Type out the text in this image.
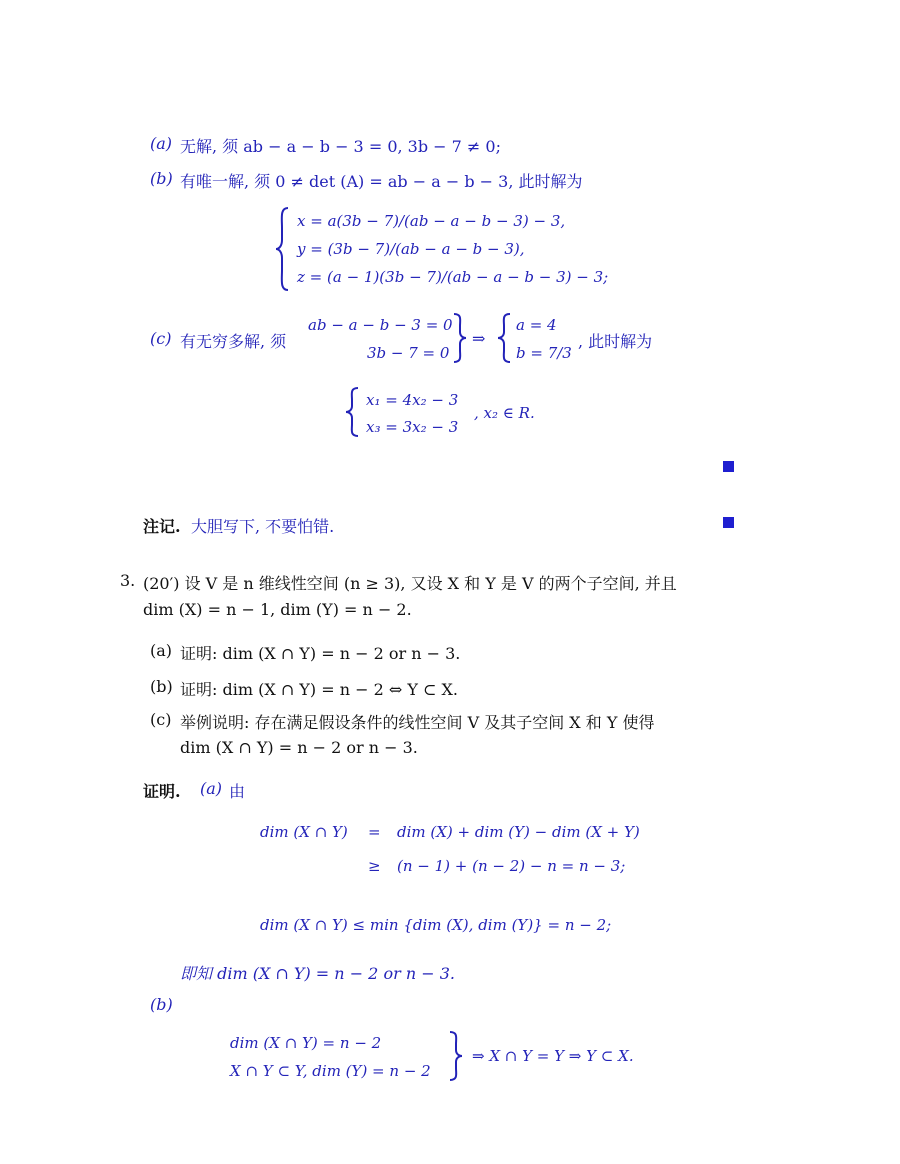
(a) 无解, 须 ab − a − b − 3 = 0, 3b − 7 ≠ 0;
(b) 有唯一解, 须 0 ≠ det (A) = ab − a − b − 3, 此时解为
x = a(3b − 7)/(ab − a − b − 3) − 3,
y = (3b − 7)/(ab − a − b − 3),
z = (a − 1)(3b − 7)/(ab − a − b − 3) − 3;
(c) 有无穷多解, 须
ab − a − b − 3 = 0
3b − 7 = 0
⇒
a = 4
b = 7/3
, 此时解为
x₁ = 4x₂ − 3
x₃ = 3x₂ − 3
, x₂ ∈ R.
注记. 大胆写下, 不要怕错.
3. (20′) 设 V 是 n 维线性空间 (n ≥ 3), 又设 X 和 Y 是 V 的两个子空间, 并且
dim (X) = n − 1, dim (Y) = n − 2.
(a) 证明: dim (X ∩ Y) = n − 2 or n − 3.
(b) 证明: dim (X ∩ Y) = n − 2 ⇔ Y ⊂ X.
(c) 举例说明: 存在满足假设条件的线性空间 V 及其子空间 X 和 Y 使得
dim (X ∩ Y) = n − 2 or n − 3.
证明. (a) 由
dim (X ∩ Y) = dim (X) + dim (Y) − dim (X + Y)
≥ (n − 1) + (n − 2) − n = n − 3;
dim (X ∩ Y) ≤ min {dim (X), dim (Y)} = n − 2;
即知 dim (X ∩ Y) = n − 2 or n − 3.
(b)
dim (X ∩ Y) = n − 2
X ∩ Y ⊂ Y, dim (Y) = n − 2
⇒ X ∩ Y = Y ⇒ Y ⊂ X.
